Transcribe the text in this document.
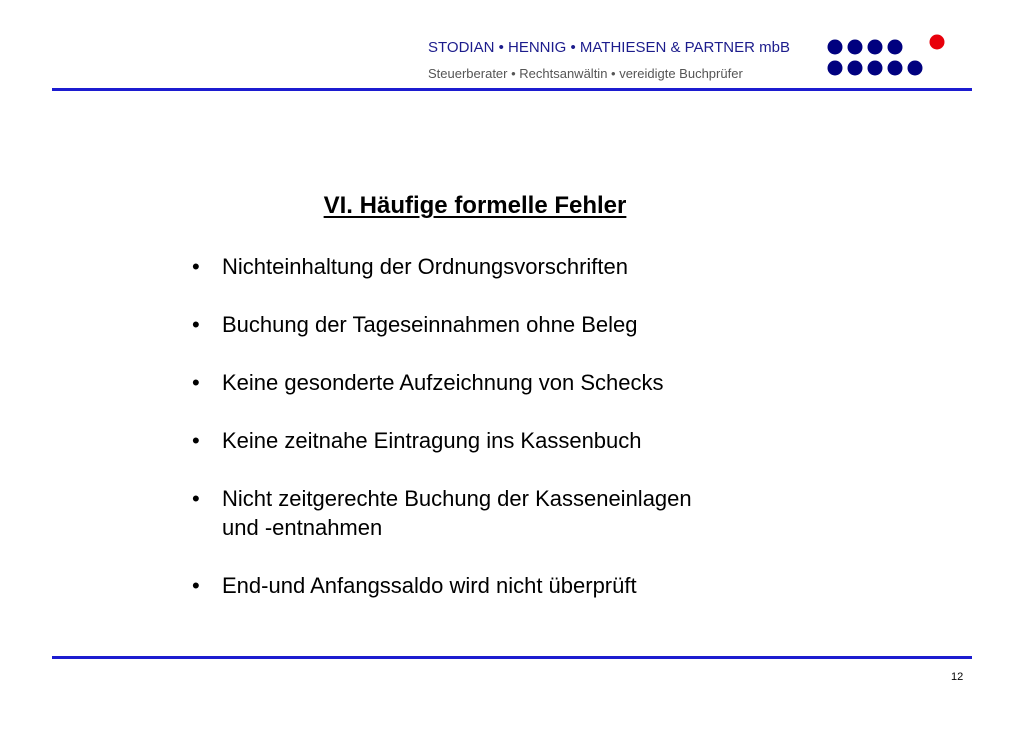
STODIAN • HENNIG • MATHIESEN & PARTNER mbB
Steuerberater • Rechtsanwältin • vereidigte Buchprüfer
VI. Häufige formelle Fehler
• Nichteinhaltung der Ordnungsvorschriften
• Buchung der Tageseinnahmen ohne Beleg
• Keine gesonderte Aufzeichnung von Schecks
• Keine zeitnahe Eintragung ins Kassenbuch
• Nicht zeitgerechte Buchung der Kasseneinlagen
und -entnahmen
• End-und Anfangssaldo wird nicht überprüft
12
